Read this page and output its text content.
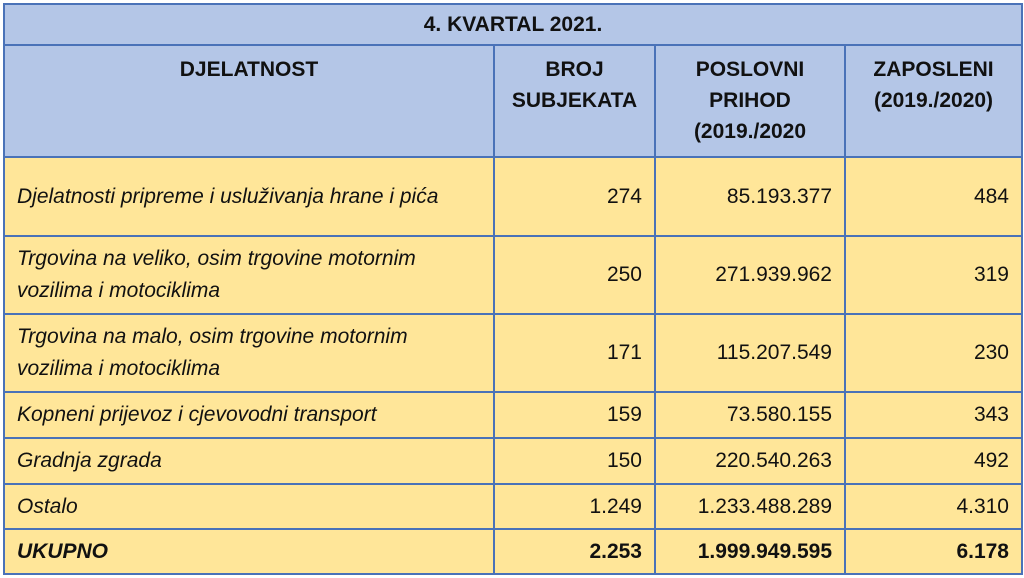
4. KVARTAL 2021.			
DJELATNOST	BROJ SUBJEKATA	POSLOVNI PRIHOD (2019./2020	ZAPOSLENI (2019./2020)
Djelatnosti pripreme i usluživanja hrane i pića	274	85.193.377	484
Trgovina na veliko, osim trgovine motornim vozilima i motociklima	250	271.939.962	319
Trgovina na malo, osim trgovine motornim vozilima i motociklima	171	115.207.549	230
Kopneni prijevoz i cjevovodni transport	159	73.580.155	343
Gradnja zgrada	150	220.540.263	492
Ostalo	1.249	1.233.488.289	4.310
UKUPNO	2.253	1.999.949.595	6.178
